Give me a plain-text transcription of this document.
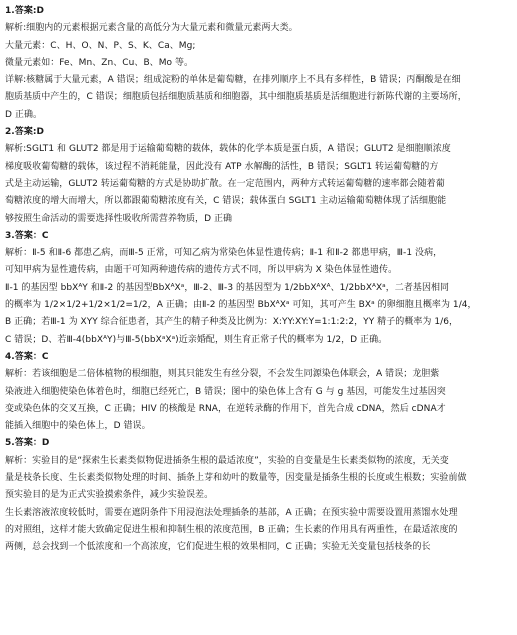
1.答案:D
解析:细胞内的元素根据元素含量的高低分为大量元素和微量元素两大类。
大量元素：C、H、O、N、P、S、K、Ca、Mg;
微量元素如：Fe、Mn、Zn、Cu、B、Mo 等。
详解:核糖属于大量元素，A 错误；组成淀粉的单体是葡萄糖，在排列顺序上不具有多样性，B 错误；丙酮酸是在细
胞质基质中产生的，C 错误；细胞质包括细胞质基质和细胞器，其中细胞质基质是活细胞进行新陈代谢的主要场所，
D 正确。
2.答案:D
解析:SGLT1 和 GLUT2 都是用于运输葡萄糖的载体，载体的化学本质是蛋白质，A 错误；GLUT2 是细胞顺浓度
梯度吸收葡萄糖的载体，该过程不消耗能量，因此没有 ATP 水解酶的活性，B 错误；SGLT1 转运葡萄糖的方
式是主动运输，GLUT2 转运葡萄糖的方式是协助扩散。在一定范围内，两种方式转运葡萄糖的速率都会随着葡
萄糖浓度的增大而增大，所以都跟葡萄糖浓度有关，C 错误；载体蛋白 SGLT1 主动运输葡萄糖体现了活细胞能
够按照生命活动的需要选择性吸收所需营养物质，D 正确
3.答案：C
解析：Ⅱ-5 和Ⅱ-6 都患乙病，而Ⅲ-5 正常，可知乙病为常染色体显性遗传病；Ⅱ-1 和Ⅱ-2 都患甲病，Ⅲ-1 没病，
可知甲病为显性遗传病，由题干可知两种遗传病的遗传方式不同，所以甲病为 X 染色体显性遗传。
Ⅱ-1 的基因型 bbXᴬY 和Ⅱ-2 的基因型BbXᴬXᵃ，Ⅲ-2、Ⅲ-3 的基因型为 1/2bbXᴬXᴬ、1/2bbXᴬXᵃ，二者基因相同
的概率为 1/2×1/2+1/2×1/2=1/2，A 正确；由Ⅱ-2 的基因型 BbXᴬXᵃ 可知，其可产生 BXᵃ 的卵细胞且概率为 1/4，
B 正确；若Ⅲ-1 为 XYY 综合征患者，其产生的精子种类及比例为：X:YY:XY:Y=1:1:2:2，YY 精子的概率为 1/6，
C 错误；D、若Ⅲ-4(bbXᴬY)与Ⅲ-5(bbXᵃXᵃ)近亲婚配，则生育正常子代的概率为 1/2，D 正确。
4.答案：C
解析：若该细胞是二倍体植物的根细胞，则其只能发生有丝分裂，不会发生同源染色体联会，A 错误；龙胆紫
染液进入细胞使染色体着色时，细胞已经死亡，B 错误；图中的染色体上含有 G 与 g 基因，可能发生过基因突
变或染色体的交叉互换，C 正确；HIV 的核酸是 RNA，在逆转录酶的作用下，首先合成 cDNA，然后 cDNA才
能插入细胞中的染色体上，D 错误。
5.答案：D
解析：实验目的是“探索生长素类似物促进插条生根的最适浓度”，实验的自变量是生长素类似物的浓度，无关变
量是枝条长度、生长素类似物处理的时间、插条上芽和幼叶的数量等，因变量是插条生根的长度或生根数；实验前做
预实验目的是为正式实验摸索条件，减少实验误差。
生长素溶液浓度较低时，需要在遮阴条件下用浸泡法处理插条的基部，A 正确；在预实验中需要设置用蒸馏水处理
的对照组，这样才能大致确定促进生根和抑制生根的浓度范围，B 正确；生长素的作用具有两重性，在最适浓度的
两侧，总会找到一个低浓度和一个高浓度，它们促进生根的效果相同，C 正确；实验无关变量包括枝条的长
